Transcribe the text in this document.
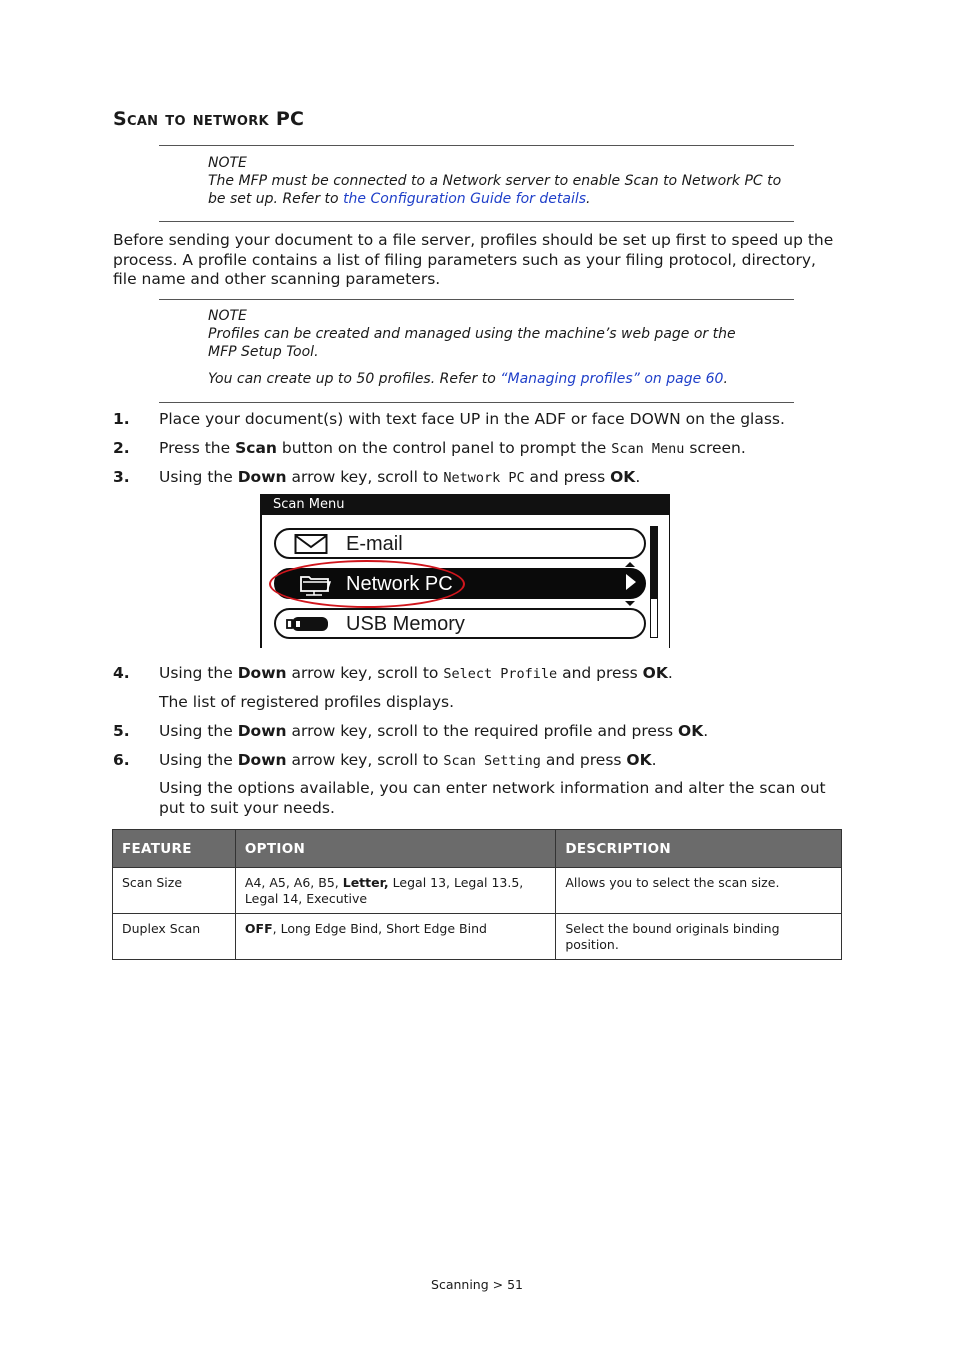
Scan to network PC
NOTE
The MFP must be connected to a Network server to enable Scan to Network PC to be set up. Refer to the Configuration Guide for details.
Before sending your document to a file server, profiles should be set up first to speed up the process. A profile contains a list of filing parameters such as your filing protocol, directory, file name and other scanning parameters.
NOTE
Profiles can be created and managed using the machine’s web page or the MFP Setup Tool.
You can create up to 50 profiles. Refer to “Managing profiles” on page 60.
1. Place your document(s) with text face UP in the ADF or face DOWN on the glass.
2. Press the Scan button on the control panel to prompt the Scan Menu screen.
3. Using the Down arrow key, scroll to Network PC and press OK.
Scan Menu
E-mail
Network PC
USB Memory
4. Using the Down arrow key, scroll to Select Profile and press OK.
The list of registered profiles displays.
5. Using the Down arrow key, scroll to the required profile and press OK.
6. Using the Down arrow key, scroll to Scan Setting and press OK.
Using the options available, you can enter network information and alter the scan out put to suit your needs.
FEATURE	OPTION	DESCRIPTION
Scan Size	A4, A5, A6, B5, Letter, Legal 13, Legal 13.5, Legal 14, Executive	Allows you to select the scan size.
Duplex Scan	OFF, Long Edge Bind, Short Edge Bind	Select the bound originals binding position.
Scanning > 51
